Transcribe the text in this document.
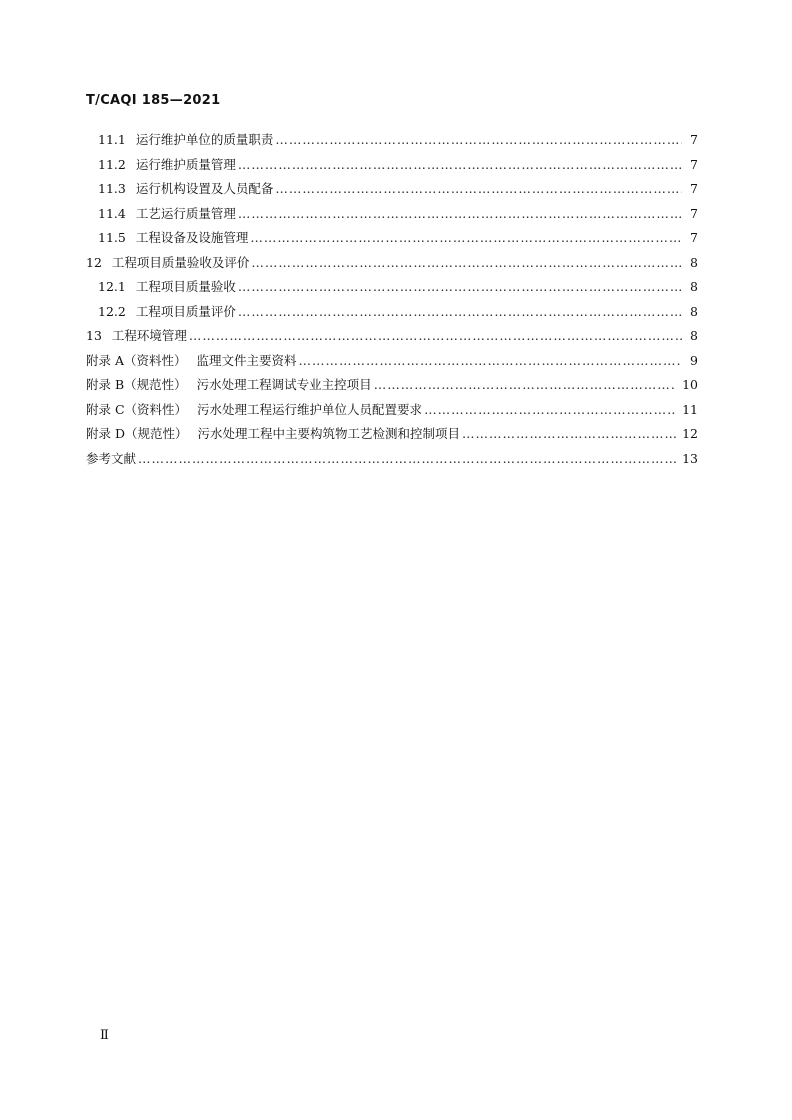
T/CAQI 185—2021
11.1 运行维护单位的质量职责 …………………………………………………………………………………………………………………………………………………………………………………………	7
11.2 运行维护质量管理 …………………………………………………………………………………………………………………………………………………………………………………………	7
11.3 运行机构设置及人员配备 …………………………………………………………………………………………………………………………………………………………………………………………	7
11.4 工艺运行质量管理 …………………………………………………………………………………………………………………………………………………………………………………………	7
11.5 工程设备及设施管理 …………………………………………………………………………………………………………………………………………………………………………………………	7
12 工程项目质量验收及评价 …………………………………………………………………………………………………………………………………………………………………………………………	8
12.1 工程项目质量验收 …………………………………………………………………………………………………………………………………………………………………………………………	8
12.2 工程项目质量评价 …………………………………………………………………………………………………………………………………………………………………………………………	8
13 工程环境管理 …………………………………………………………………………………………………………………………………………………………………………………………	8
附录 A（资料性） 监理文件主要资料 …………………………………………………………………………………………………………………………………………………………………………………………	9
附录 B（规范性） 污水处理工程调试专业主控项目 …………………………………………………………………………………………………………………………………………………………………………………………	10
附录 C（资料性） 污水处理工程运行维护单位人员配置要求 …………………………………………………………………………………………………………………………………………………………………………………………	11
附录 D（规范性） 污水处理工程中主要构筑物工艺检测和控制项目 …………………………………………………………………………………………………………………………………………………………………………………………	12
参考文献 …………………………………………………………………………………………………………………………………………………………………………………………	13
Ⅱ
